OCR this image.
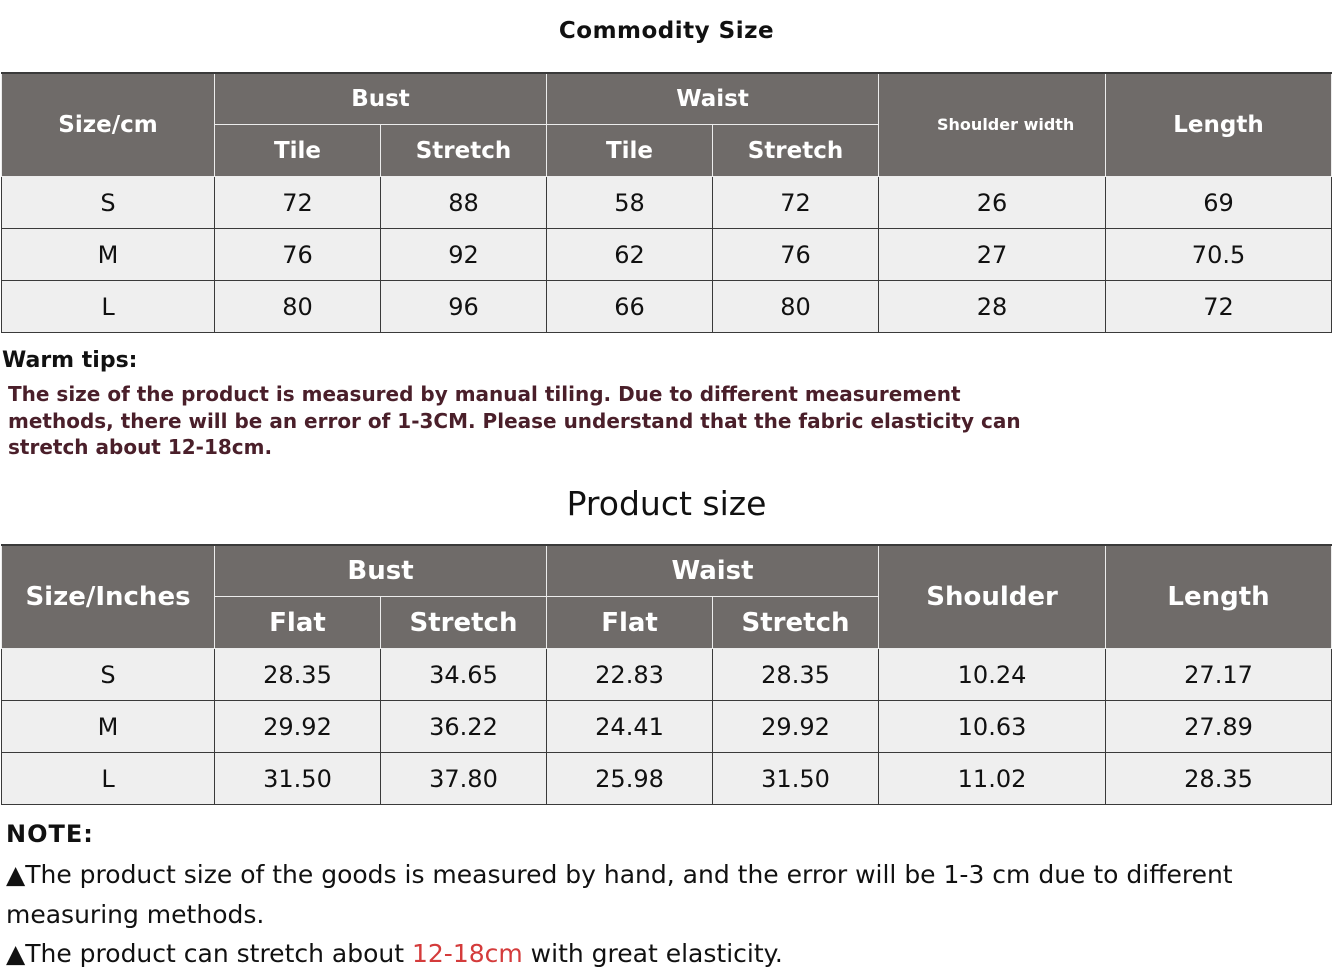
Commodity Size
Size/cm	Bust		Waist		Shoulder width	Length
	Tile	Stretch	Tile	Stretch		
S	72	88	58	72	26	69
M	76	92	62	76	27	70.5
L	80	96	66	80	28	72
Warm tips:
The size of the product is measured by manual tiling. Due to different measurement methods, there will be an error of 1-3CM. Please understand that the fabric elasticity can stretch about 12-18cm.
Product size
Size/Inches	Bust		Waist		Shoulder	Length
	Flat	Stretch	Flat	Stretch		
S	28.35	34.65	22.83	28.35	10.24	27.17
M	29.92	36.22	24.41	29.92	10.63	27.89
L	31.50	37.80	25.98	31.50	11.02	28.35
NOTE:
▲The product size of the goods is measured by hand, and the error will be 1-3 cm due to different measuring methods.
▲The product can stretch about 12-18cm with great elasticity.
